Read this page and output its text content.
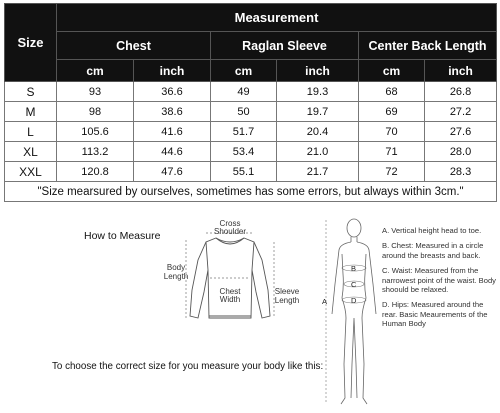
Size	Measurement					
	Chest		Raglan Sleeve		Center Back Length	
	cm	inch	cm	inch	cm	inch
S	93	36.6	49	19.3	68	26.8
M	98	38.6	50	19.7	69	27.2
L	105.6	41.6	51.7	20.4	70	27.6
XL	113.2	44.6	53.4	21.0	71	28.0
XXL	120.8	47.6	55.1	21.7	72	28.3
"Size mearsured by ourselves, sometimes has some errors, but always within 3cm."						
How to Measure
Cross
Shoulder
Body
Length
Chest
Width
Sleeve
Length	A
B
C
D
A. Vertical height head to toe.
B. Chest: Measured in a circle around the breasts and back.
C. Waist: Measured from the narrowest point of the waist. Body shoould be relaxed.
D. Hips: Measured around the rear. Basic Meaurements of the Human Body
To choose the correct size for you measure your body like this:
